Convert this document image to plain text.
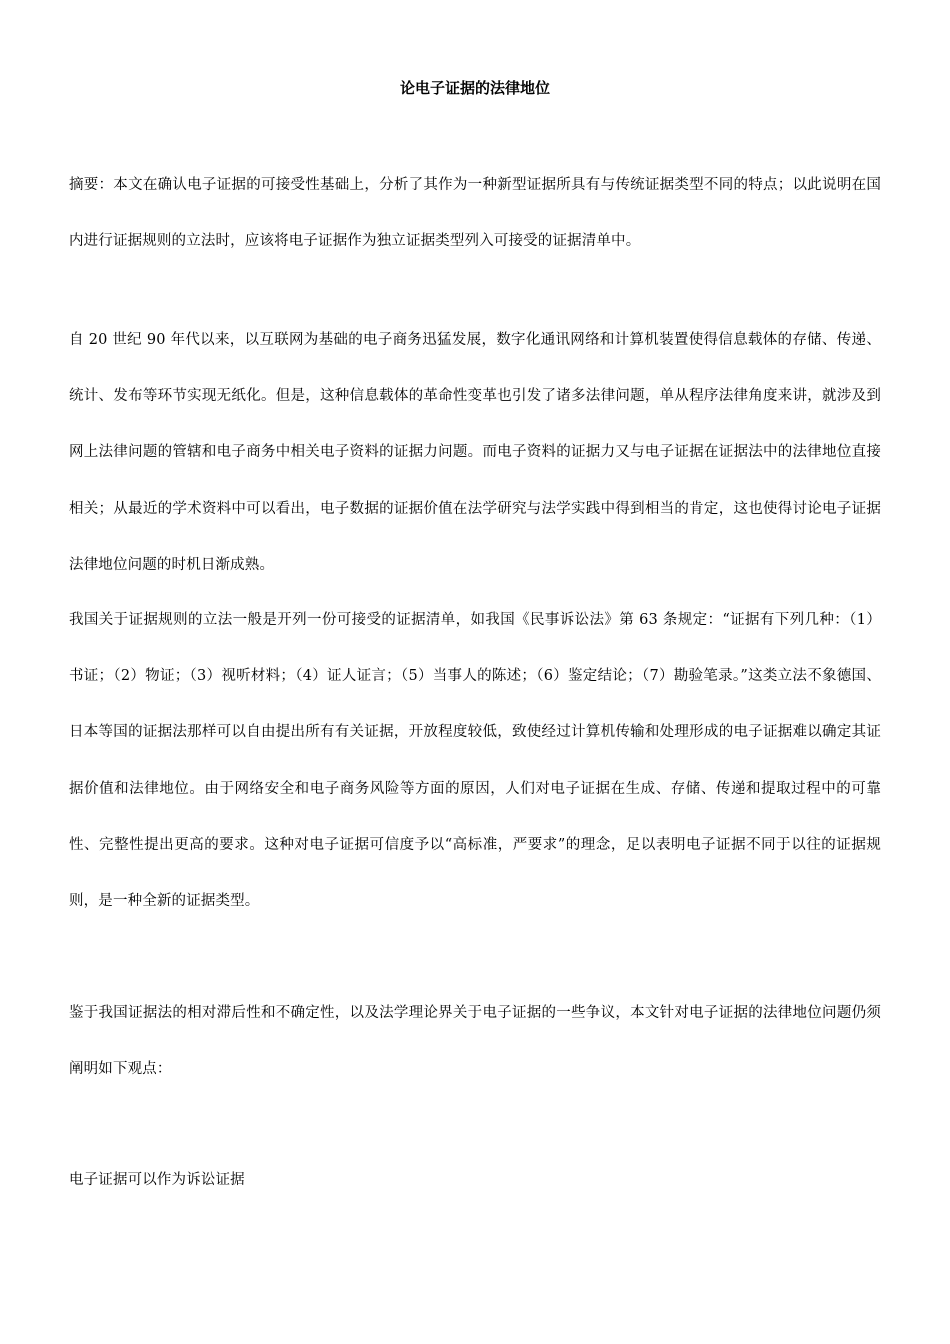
论电子证据的法律地位

摘要：本文在确认电子证据的可接受性基础上，分析了其作为一种新型证据所具有与传统证据类型不同的特点；以此说明在国内进行证据规则的立法时，应该将电子证据作为独立证据类型列入可接受的证据清单中。

自 20 世纪 90 年代以来，以互联网为基础的电子商务迅猛发展，数字化通讯网络和计算机装置使得信息载体的存储、传递、统计、发布等环节实现无纸化。但是，这种信息载体的革命性变革也引发了诸多法律问题，单从程序法律角度来讲，就涉及到网上法律问题的管辖和电子商务中相关电子资料的证据力问题。而电子资料的证据力又与电子证据在证据法中的法律地位直接相关；从最近的学术资料中可以看出，电子数据的证据价值在法学研究与法学实践中得到相当的肯定，这也使得讨论电子证据法律地位问题的时机日渐成熟。

我国关于证据规则的立法一般是开列一份可接受的证据清单，如我国《民事诉讼法》第 63 条规定：“证据有下列几种：（1）书证；（2）物证；（3）视听材料；（4）证人证言；（5）当事人的陈述；（6）鉴定结论；（7）勘验笔录。”这类立法不象德国、日本等国的证据法那样可以自由提出所有有关证据，开放程度较低，致使经过计算机传输和处理形成的电子证据难以确定其证据价值和法律地位。由于网络安全和电子商务风险等方面的原因，人们对电子证据在生成、存储、传递和提取过程中的可靠性、完整性提出更高的要求。这种对电子证据可信度予以“高标准，严要求”的理念，足以表明电子证据不同于以往的证据规则，是一种全新的证据类型。

鉴于我国证据法的相对滞后性和不确定性，以及法学理论界关于电子证据的一些争议，本文针对电子证据的法律地位问题仍须阐明如下观点：

电子证据可以作为诉讼证据
